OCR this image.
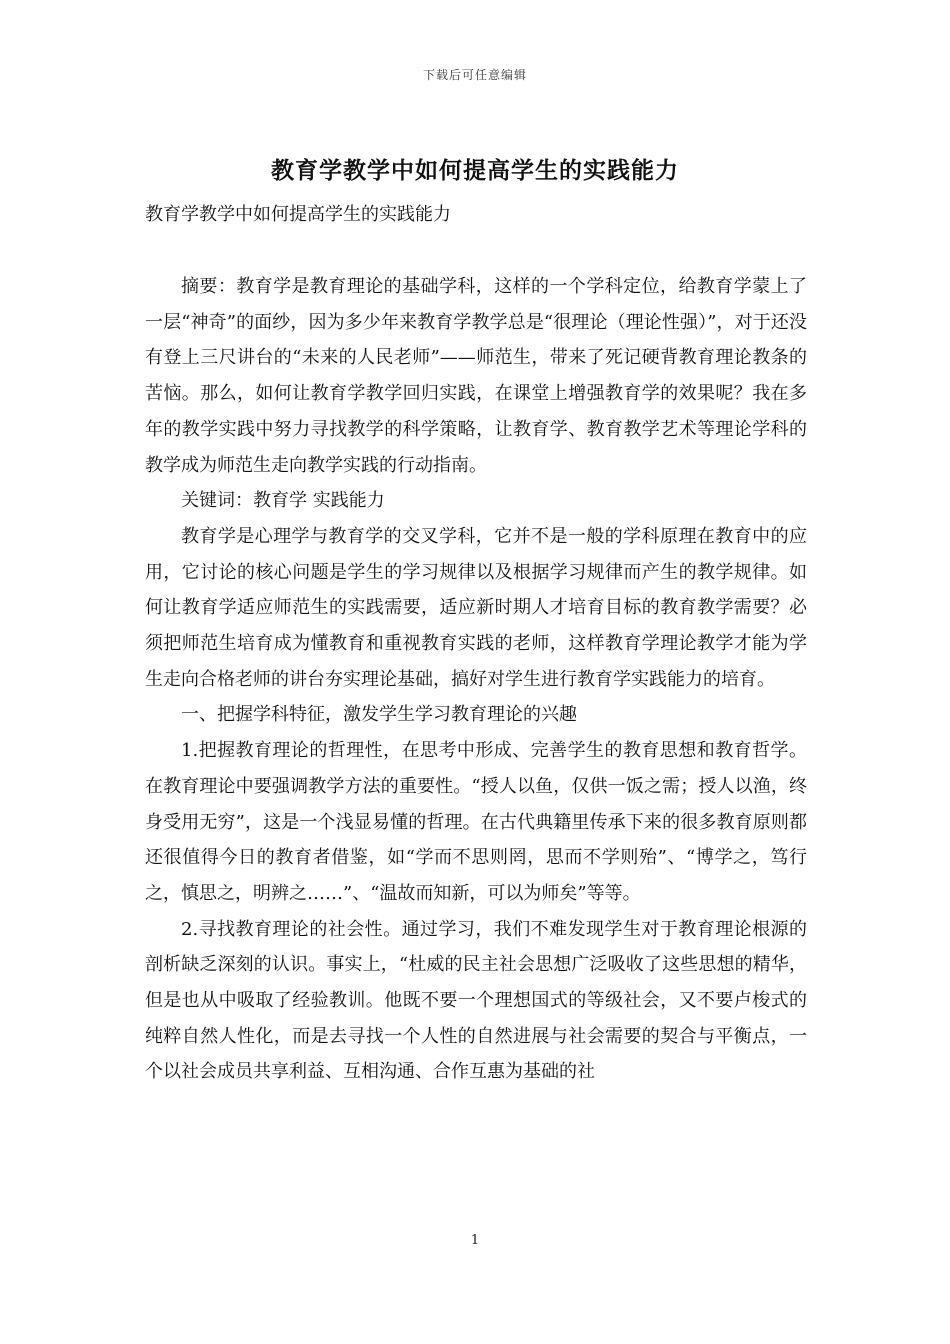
下载后可任意编辑
教育学教学中如何提高学生的实践能力

教育学教学中如何提高学生的实践能力

摘要：教育学是教育理论的基础学科，这样的一个学科定位，给教育学蒙上了一层“神奇”的面纱，因为多少年来教育学教学总是“很理论（理论性强）”，对于还没有登上三尺讲台的“未来的人民老师”——师范生，带来了死记硬背教育理论教条的苦恼。那么，如何让教育学教学回归实践，在课堂上增强教育学的效果呢？我在多年的教学实践中努力寻找教学的科学策略，让教育学、教育教学艺术等理论学科的教学成为师范生走向教学实践的行动指南。

关键词：教育学 实践能力

教育学是心理学与教育学的交叉学科，它并不是一般的学科原理在教育中的应用，它讨论的核心问题是学生的学习规律以及根据学习规律而产生的教学规律。如何让教育学适应师范生的实践需要，适应新时期人才培育目标的教育教学需要？必须把师范生培育成为懂教育和重视教育实践的老师，这样教育学理论教学才能为学生走向合格老师的讲台夯实理论基础，搞好对学生进行教育学实践能力的培育。

一、把握学科特征，激发学生学习教育理论的兴趣

1.把握教育理论的哲理性，在思考中形成、完善学生的教育思想和教育哲学。在教育理论中要强调教学方法的重要性。“授人以鱼，仅供一饭之需；授人以渔，终身受用无穷”，这是一个浅显易懂的哲理。在古代典籍里传承下来的很多教育原则都还很值得今日的教育者借鉴，如“学而不思则罔，思而不学则殆”、“博学之，笃行之，慎思之，明辨之……”、“温故而知新，可以为师矣”等等。

2.寻找教育理论的社会性。通过学习，我们不难发现学生对于教育理论根源的剖析缺乏深刻的认识。事实上，“杜威的民主社会思想广泛吸收了这些思想的精华，但是也从中吸取了经验教训。他既不要一个理想国式的等级社会，又不要卢梭式的纯粹自然人性化，而是去寻找一个人性的自然进展与社会需要的契合与平衡点，一个以社会成员共享利益、互相沟通、合作互惠为基础的社

1
